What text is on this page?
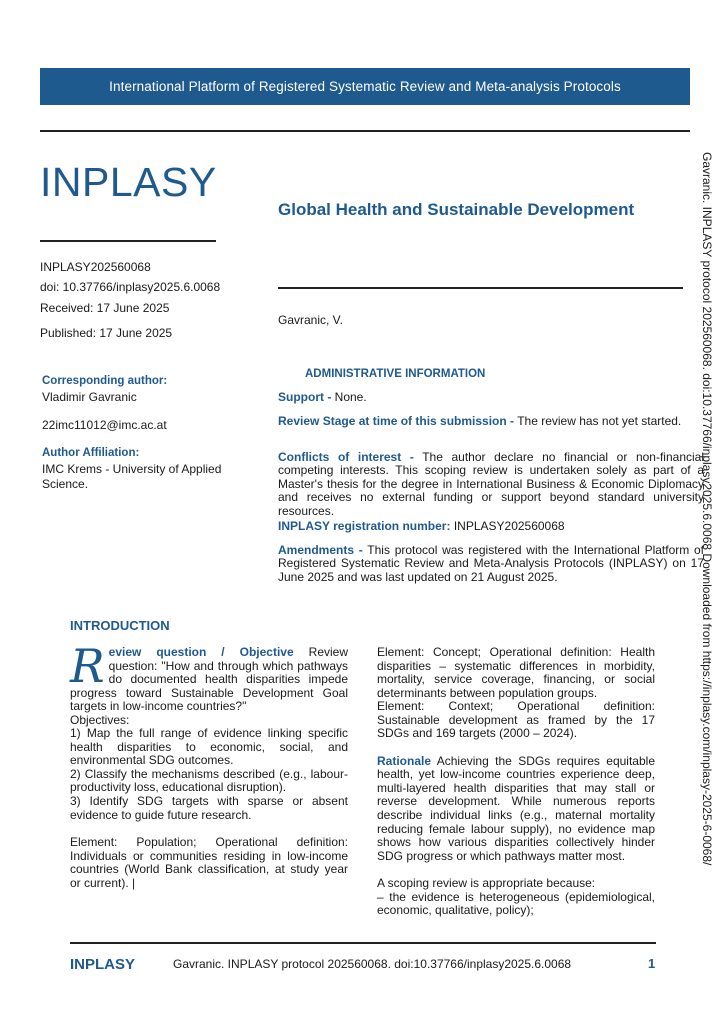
International Platform of Registered Systematic Review and Meta-analysis Protocols
INPLASY
Global Health and Sustainable Development
INPLASY202560068
doi: 10.37766/inplasy2025.6.0068
Received: 17 June 2025
Published: 17 June 2025
Corresponding author:
Vladimir Gavranic
22imc11012@imc.ac.at
Author Affiliation:
IMC Krems - University of Applied Science.
Gavranic, V.
ADMINISTRATIVE INFORMATION
Support - None.
Review Stage at time of this submission - The review has not yet started.
Conflicts of interest - The author declare no financial or non-financial competing interests. This scoping review is undertaken solely as part of a Master's thesis for the degree in International Business & Economic Diplomacy and receives no external funding or support beyond standard university resources.
INPLASY registration number: INPLASY202560068
Amendments - This protocol was registered with the International Platform of Registered Systematic Review and Meta-Analysis Protocols (INPLASY) on 17 June 2025 and was last updated on 21 August 2025.	Gavranic. INPLASY protocol 202560068. doi:10.37766/inplasy2025.6.0068 Downloaded from https://inplasy.com/inplasy-2025-6-0068/
INTRODUCTION

R eview question / Objective Review question: "How and through which pathways do documented health disparities impede progress toward Sustainable Development Goal targets in low-income countries?"

Objectives:

1) Map the full range of evidence linking specific health disparities to economic, social, and environmental SDG outcomes.

2) Classify the mechanisms described (e.g., labour-productivity loss, educational disruption).

3) Identify SDG targets with sparse or absent evidence to guide future research.

Element: Population; Operational definition: Individuals or communities residing in low-income countries (World Bank classification, at study year or current). |

Element: Concept; Operational definition: Health disparities – systematic differences in morbidity, mortality, service coverage, financing, or social determinants between population groups.

Element: Context; Operational definition: Sustainable development as framed by the 17 SDGs and 169 targets (2000 – 2024).

Rationale Achieving the SDGs requires equitable health, yet low-income countries experience deep, multi-layered health disparities that may stall or reverse development. While numerous reports describe individual links (e.g., maternal mortality reducing female labour supply), no evidence map shows how various disparities collectively hinder SDG progress or which pathways matter most.

A scoping review is appropriate because:

– the evidence is heterogeneous (epidemiological, economic, qualitative, policy);

INPLASY	Gavranic. INPLASY protocol 202560068. doi:10.37766/inplasy2025.6.0068	1
